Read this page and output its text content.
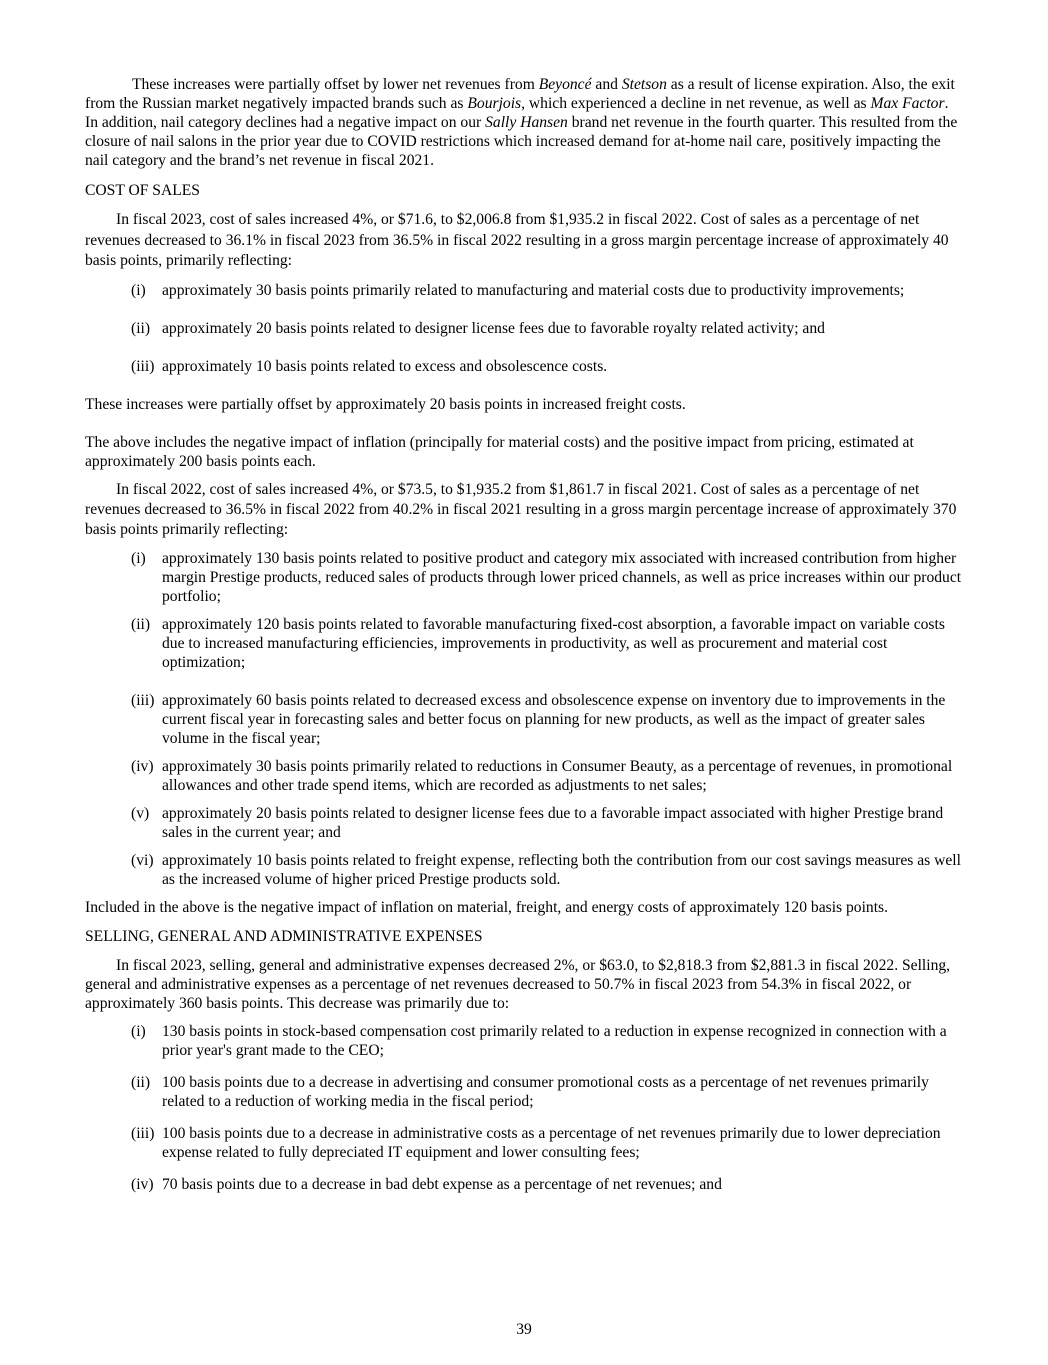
These increases were partially offset by lower net revenues from Beyoncé and Stetson as a result of license expiration. Also, the exit from the Russian market negatively impacted brands such as Bourjois, which experienced a decline in net revenue, as well as Max Factor. In addition, nail category declines had a negative impact on our Sally Hansen brand net revenue in the fourth quarter. This resulted from the closure of nail salons in the prior year due to COVID restrictions which increased demand for at-home nail care, positively impacting the nail category and the brand’s net revenue in fiscal 2021.

COST OF SALES

In fiscal 2023, cost of sales increased 4%, or $71.6, to $2,006.8 from $1,935.2 in fiscal 2022. Cost of sales as a percentage of net revenues decreased to 36.1% in fiscal 2023 from 36.5% in fiscal 2022 resulting in a gross margin percentage increase of approximately 40 basis points, primarily reflecting:

(i)	approximately 30 basis points primarily related to manufacturing and material costs due to productivity improvements;
(ii) approximately 20 basis points related to designer license fees due to favorable royalty related activity; and
(iii) approximately 10 basis points related to excess and obsolescence costs.

These increases were partially offset by approximately 20 basis points in increased freight costs.

The above includes the negative impact of inflation (principally for material costs) and the positive impact from pricing, estimated at approximately 200 basis points each.

In fiscal 2022, cost of sales increased 4%, or $73.5, to $1,935.2 from $1,861.7 in fiscal 2021. Cost of sales as a percentage of net revenues decreased to 36.5% in fiscal 2022 from 40.2% in fiscal 2021 resulting in a gross margin percentage increase of approximately 370 basis points primarily reflecting:

(i)	approximately 130 basis points related to positive product and category mix associated with increased contribution from higher margin Prestige products, reduced sales of products through lower priced channels, as well as price increases within our product portfolio;
(ii) approximately 120 basis points related to favorable manufacturing fixed-cost absorption, a favorable impact on variable costs due to increased manufacturing efficiencies, improvements in productivity, as well as procurement and material cost optimization;
(iii) approximately 60 basis points related to decreased excess and obsolescence expense on inventory due to improvements in the current fiscal year in forecasting sales and better focus on planning for new products, as well as the impact of greater sales volume in the fiscal year;
(iv) approximately 30 basis points primarily related to reductions in Consumer Beauty, as a percentage of revenues, in promotional allowances and other trade spend items, which are recorded as adjustments to net sales;
(v) approximately 20 basis points related to designer license fees due to a favorable impact associated with higher Prestige brand sales in the current year; and
(vi) approximately 10 basis points related to freight expense, reflecting both the contribution from our cost savings measures as well as the increased volume of higher priced Prestige products sold.

Included in the above is the negative impact of inflation on material, freight, and energy costs of approximately 120 basis points.

SELLING, GENERAL AND ADMINISTRATIVE EXPENSES

In fiscal 2023, selling, general and administrative expenses decreased 2%, or $63.0, to $2,818.3 from $2,881.3 in fiscal 2022. Selling, general and administrative expenses as a percentage of net revenues decreased to 50.7% in fiscal 2023 from 54.3% in fiscal 2022, or approximately 360 basis points. This decrease was primarily due to:

(i)	130 basis points in stock-based compensation cost primarily related to a reduction in expense recognized in connection with a prior year's grant made to the CEO;
(ii) 100 basis points due to a decrease in advertising and consumer promotional costs as a percentage of net revenues primarily related to a reduction of working media in the fiscal period;
(iii) 100 basis points due to a decrease in administrative costs as a percentage of net revenues primarily due to lower depreciation expense related to fully depreciated IT equipment and lower consulting fees;
(iv) 70 basis points due to a decrease in bad debt expense as a percentage of net revenues; and
39
